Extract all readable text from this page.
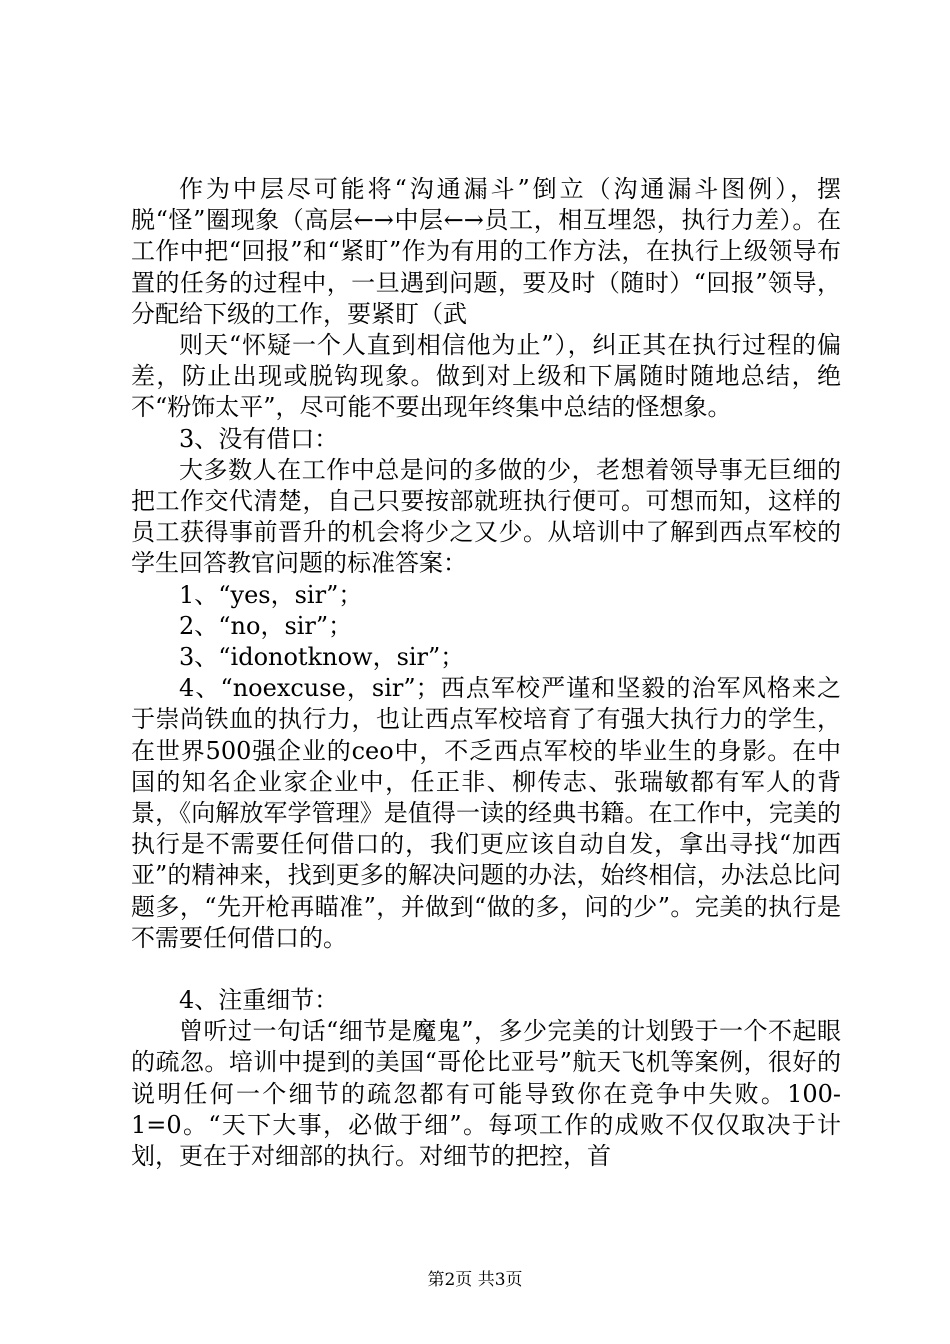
作为中层尽可能将“沟通漏斗”倒立（沟通漏斗图例），摆脱“怪”圈现象（高层←→中层←→员工，相互埋怨，执行力差）。在工作中把“回报”和“紧盯”作为有用的工作方法，在执行上级领导布置的任务的过程中，一旦遇到问题，要及时（随时）“回报”领导，分配给下级的工作，要紧盯（武

则天“怀疑一个人直到相信他为止”），纠正其在执行过程的偏差，防止出现或脱钩现象。做到对上级和下属随时随地总结，绝不“粉饰太平”，尽可能不要出现年终集中总结的怪想象。

3、没有借口：

大多数人在工作中总是问的多做的少，老想着领导事无巨细的把工作交代清楚，自己只要按部就班执行便可。可想而知，这样的员工获得事前晋升的机会将少之又少。从培训中了解到西点军校的学生回答教官问题的标准答案：

1、“yes，sir”；

2、“no，sir”；

3、“idonotknow，sir”；

4、“noexcuse，sir”；西点军校严谨和坚毅的治军风格来之于崇尚铁血的执行力，也让西点军校培育了有强大执行力的学生，在世界500强企业的ceo中，不乏西点军校的毕业生的身影。在中国的知名企业家企业中，任正非、柳传志、张瑞敏都有军人的背景，《向解放军学管理》是值得一读的经典书籍。在工作中，完美的执行是不需要任何借口的，我们更应该自动自发，拿出寻找“加西亚”的精神来，找到更多的解决问题的办法，始终相信，办法总比问题多，“先开枪再瞄准”，并做到“做的多，问的少”。完美的执行是不需要任何借口的。

4、注重细节：

曾听过一句话“细节是魔鬼”，多少完美的计划毁于一个不起眼的疏忽。培训中提到的美国“哥伦比亚号”航天飞机等案例，很好的说明任何一个细节的疏忽都有可能导致你在竞争中失败。100-1=0。“天下大事，必做于细”。每项工作的成败不仅仅取决于计划，更在于对细部的执行。对细节的把控，首

第2页 共3页
